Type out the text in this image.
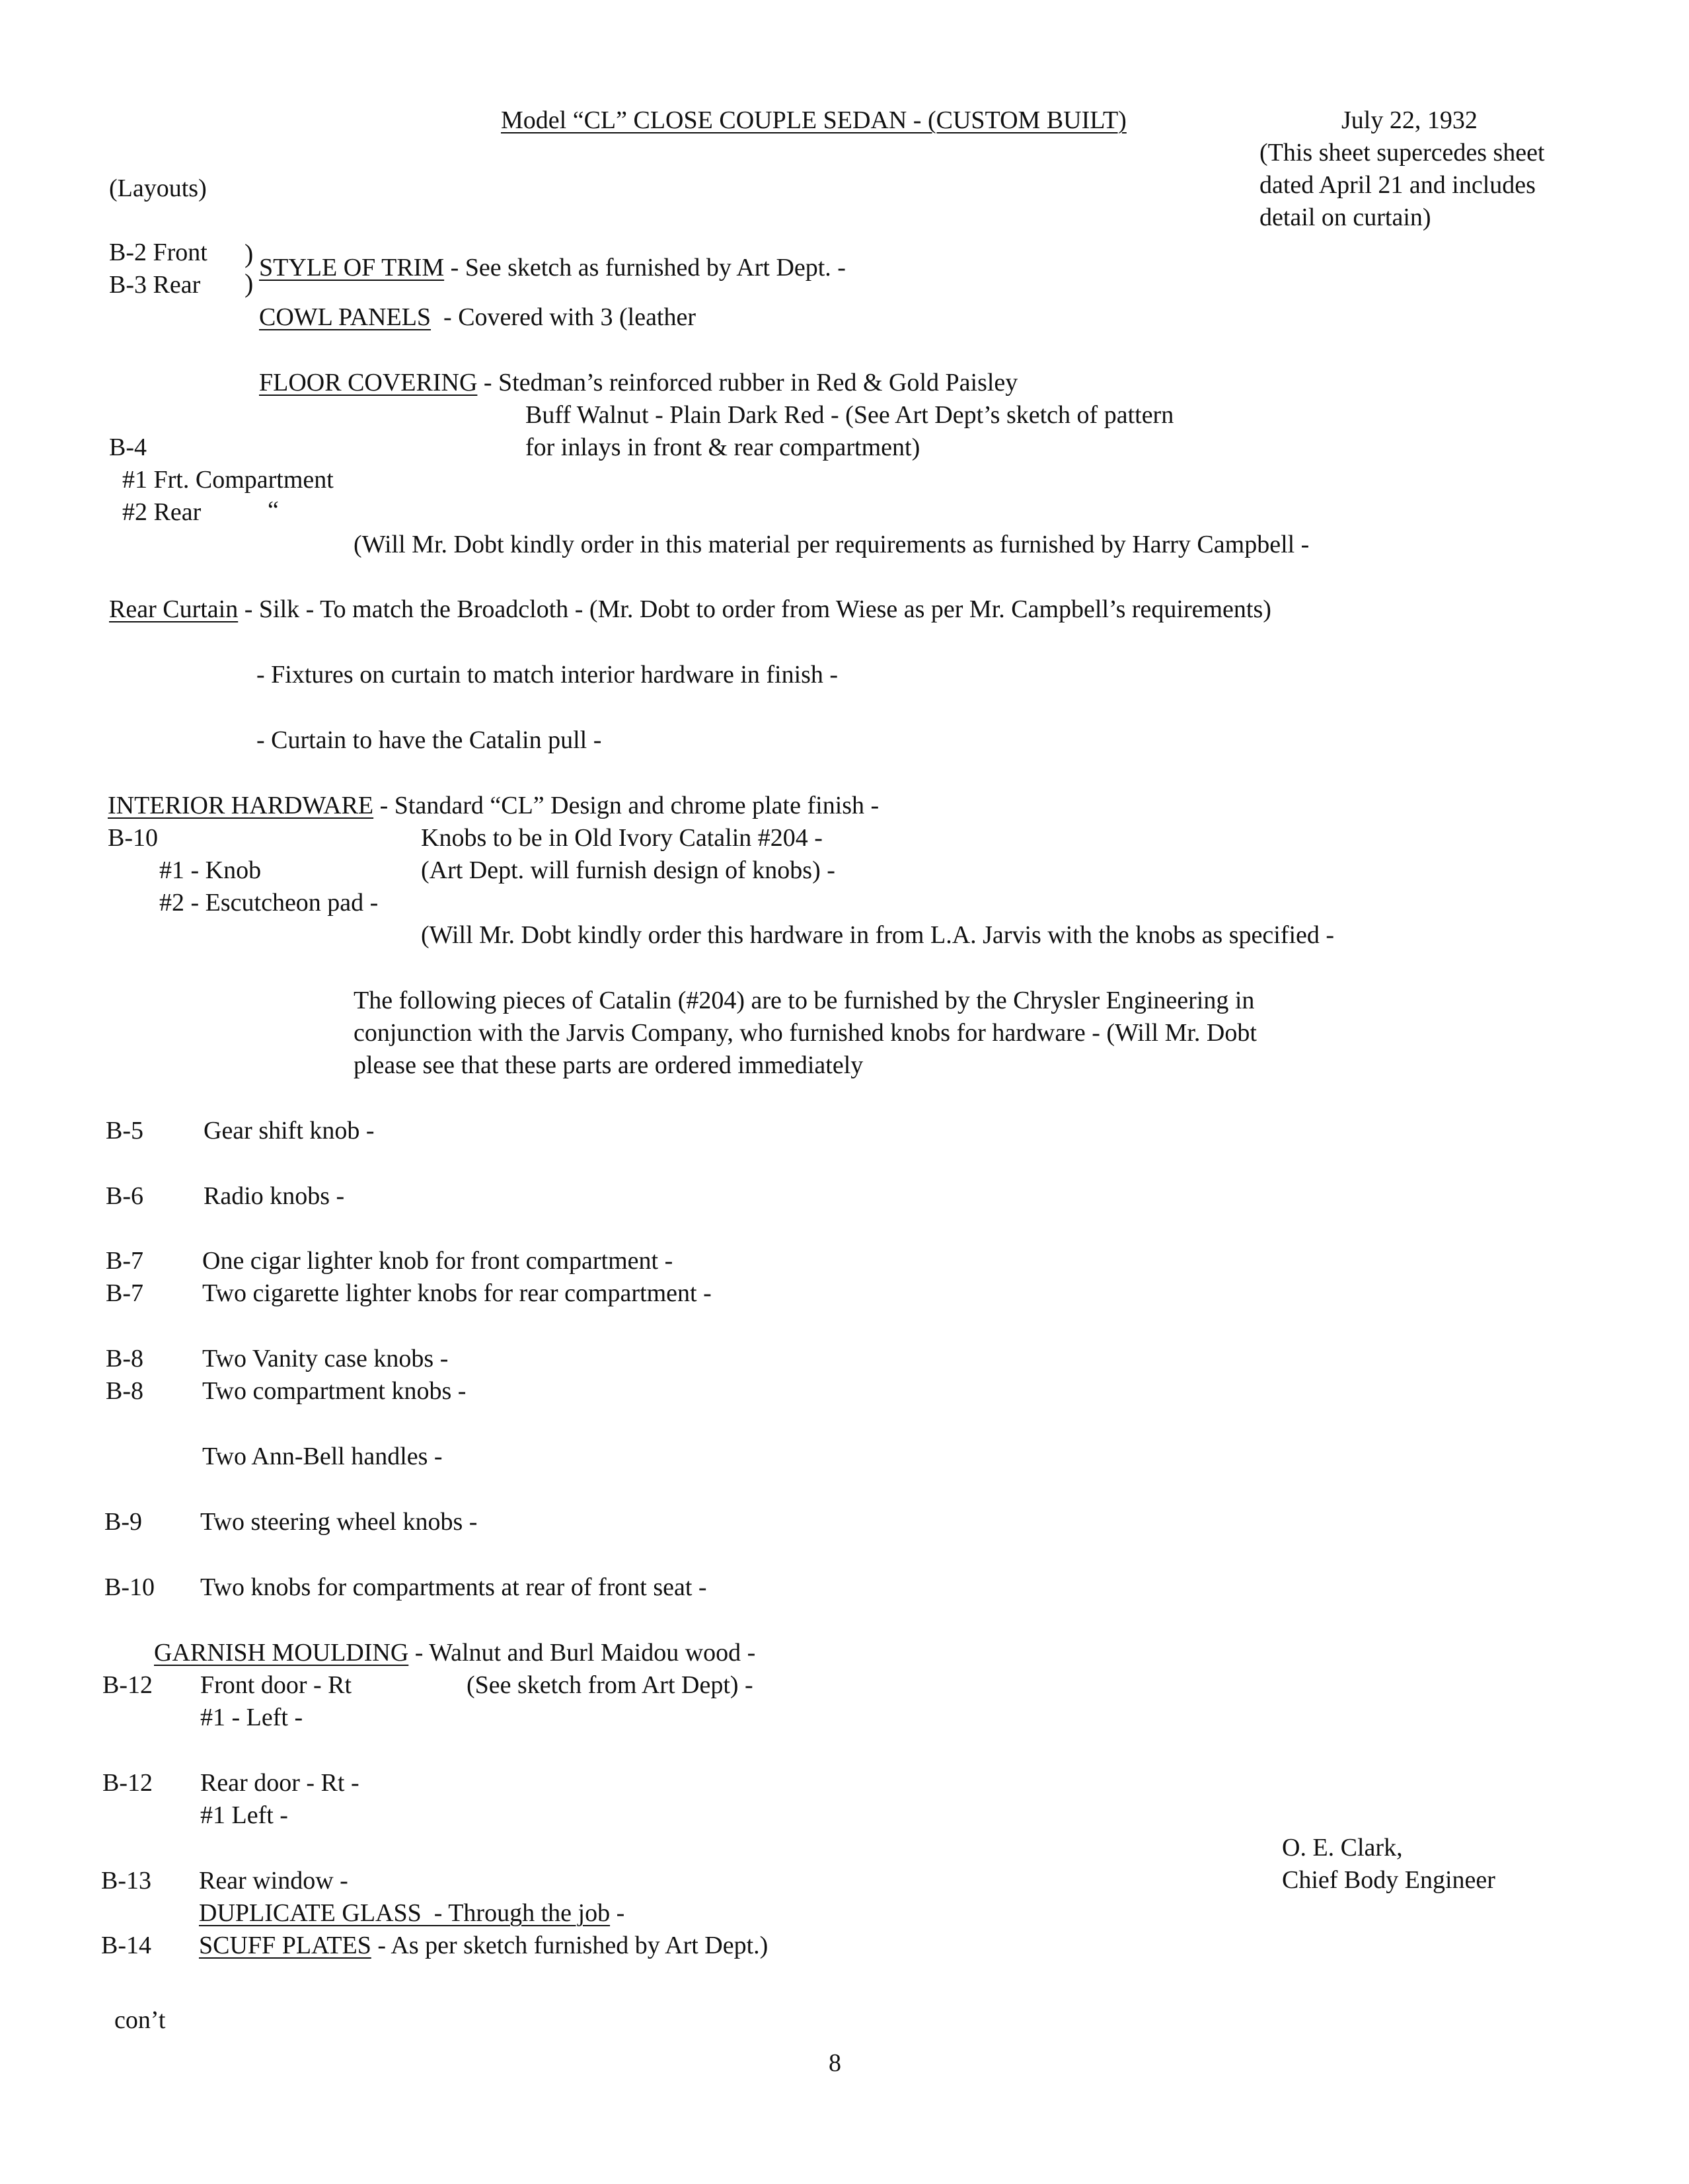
Model “CL” CLOSE COUPLE SEDAN - (CUSTOM BUILT)	July 22, 1932
(This sheet supercedes sheet
dated April 21 and includes
detail on curtain)
(Layouts)
B-2 Front
B-3 Rear
)
)
STYLE OF TRIM - See sketch as furnished by Art Dept. -
COWL PANELS  - Covered with 3 (leather
FLOOR COVERING - Stedman’s reinforced rubber in Red & Gold Paisley
Buff Walnut - Plain Dark Red - (See Art Dept’s sketch of pattern
for inlays in front & rear compartment)
B-4
#1 Frt. Compartment
#2 Rear	“
(Will Mr. Dobt kindly order in this material per requirements as furnished by Harry Campbell -
Rear Curtain - Silk - To match the Broadcloth - (Mr. Dobt to order from Wiese as per Mr. Campbell’s requirements)
- Fixtures on curtain to match interior hardware in finish -
- Curtain to have the Catalin pull -
INTERIOR HARDWARE - Standard “CL” Design and chrome plate finish -
B-10	Knobs to be in Old Ivory Catalin #204 -
#1 - Knob	(Art Dept. will furnish design of knobs) -
#2 - Escutcheon pad -
(Will Mr. Dobt kindly order this hardware in from L.A. Jarvis with the knobs as specified -
The following pieces of Catalin (#204) are to be furnished by the Chrysler Engineering in
conjunction with the Jarvis Company, who furnished knobs for hardware - (Will Mr. Dobt
please see that these parts are ordered immediately
B-5 Gear shift knob -
B-6 Radio knobs -
B-7 One cigar lighter knob for front compartment -
B-7 Two cigarette lighter knobs for rear compartment -
B-8 Two Vanity case knobs -
B-8 Two compartment knobs -
Two Ann-Bell handles -
B-9 Two steering wheel knobs -
B-10 Two knobs for compartments at rear of front seat -
GARNISH MOULDING - Walnut and Burl Maidou wood -
B-12 Front door - Rt	(See sketch from Art Dept) -
#1 - Left -
B-12 Rear door - Rt -
#1 Left -
B-13 Rear window -
DUPLICATE GLASS  - Through the job -
B-14 SCUFF PLATES - As per sketch furnished by Art Dept.)
O. E. Clark,
Chief Body Engineer
con’t
8
